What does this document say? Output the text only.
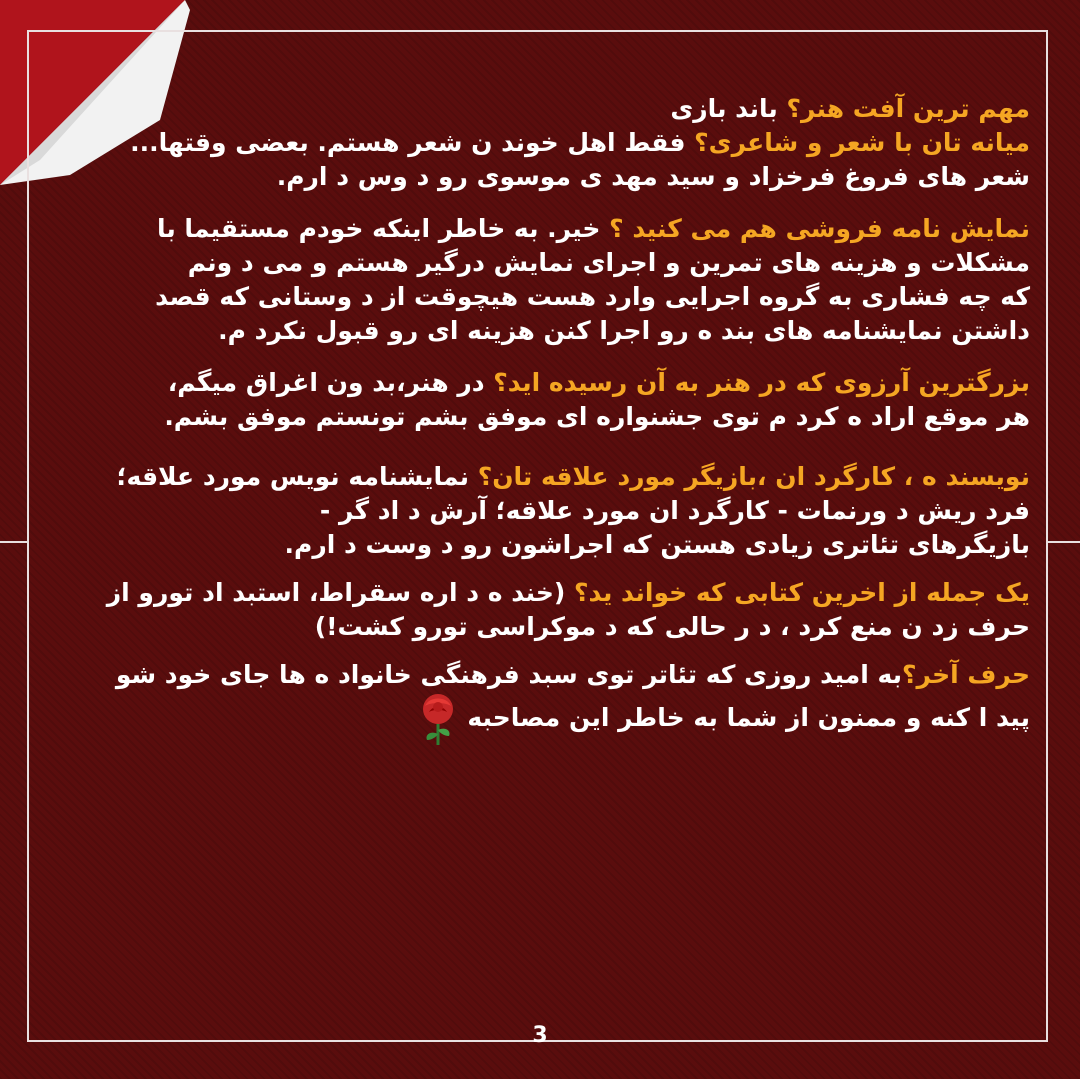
مهم ترین آفت هنر؟ باند بازی
میانه تان با شعر و شاعری؟ فقط اهل خوند ن شعر هستم. بعضی وقتها...
شعر های فروغ فرخزاد و سید مهد ی موسوی رو د وس د ارم.
نمایش نامه فروشی هم می کنید ؟ خیر. به خاطر اینکه خودم مستقیما با
مشکلات و هزینه های تمرین و اجرای نمایش درگیر هستم و می د ونم
که چه فشاری به گروه اجرایی وارد هست هیچوقت از د وستانی که قصد
داشتن نمایشنامه های بند ه رو اجرا کنن هزینه ای رو قبول نکرد م.
بزرگترین آرزوی که در هنر به آن رسیده اید؟ در هنر،بد ون اغراق میگم،
هر موقع اراد ه کرد م توی جشنواره ای موفق بشم تونستم موفق بشم.
نویسند ه ، کارگرد ان ،بازیگر مورد علاقه تان؟ نمایشنامه نویس مورد علاقه؛
فرد ریش د ورنمات - کارگرد ان مورد علاقه؛ آرش د اد گر -
بازیگرهای تئاتری زیادی هستن که اجراشون رو د وست د ارم.
یک جمله از اخرین کتابی که خواند ید؟ (خند ه د اره سقراط، استبد اد تورو از
حرف زد ن منع کرد ، د ر حالی که د موکراسی تورو کشت!)
حرف آخر؟به امید روزی که تئاتر توی سبد فرهنگی خانواد ه ها جای خود شو
پید ا کنه و ممنون از شما به خاطر این مصاحبه
3
